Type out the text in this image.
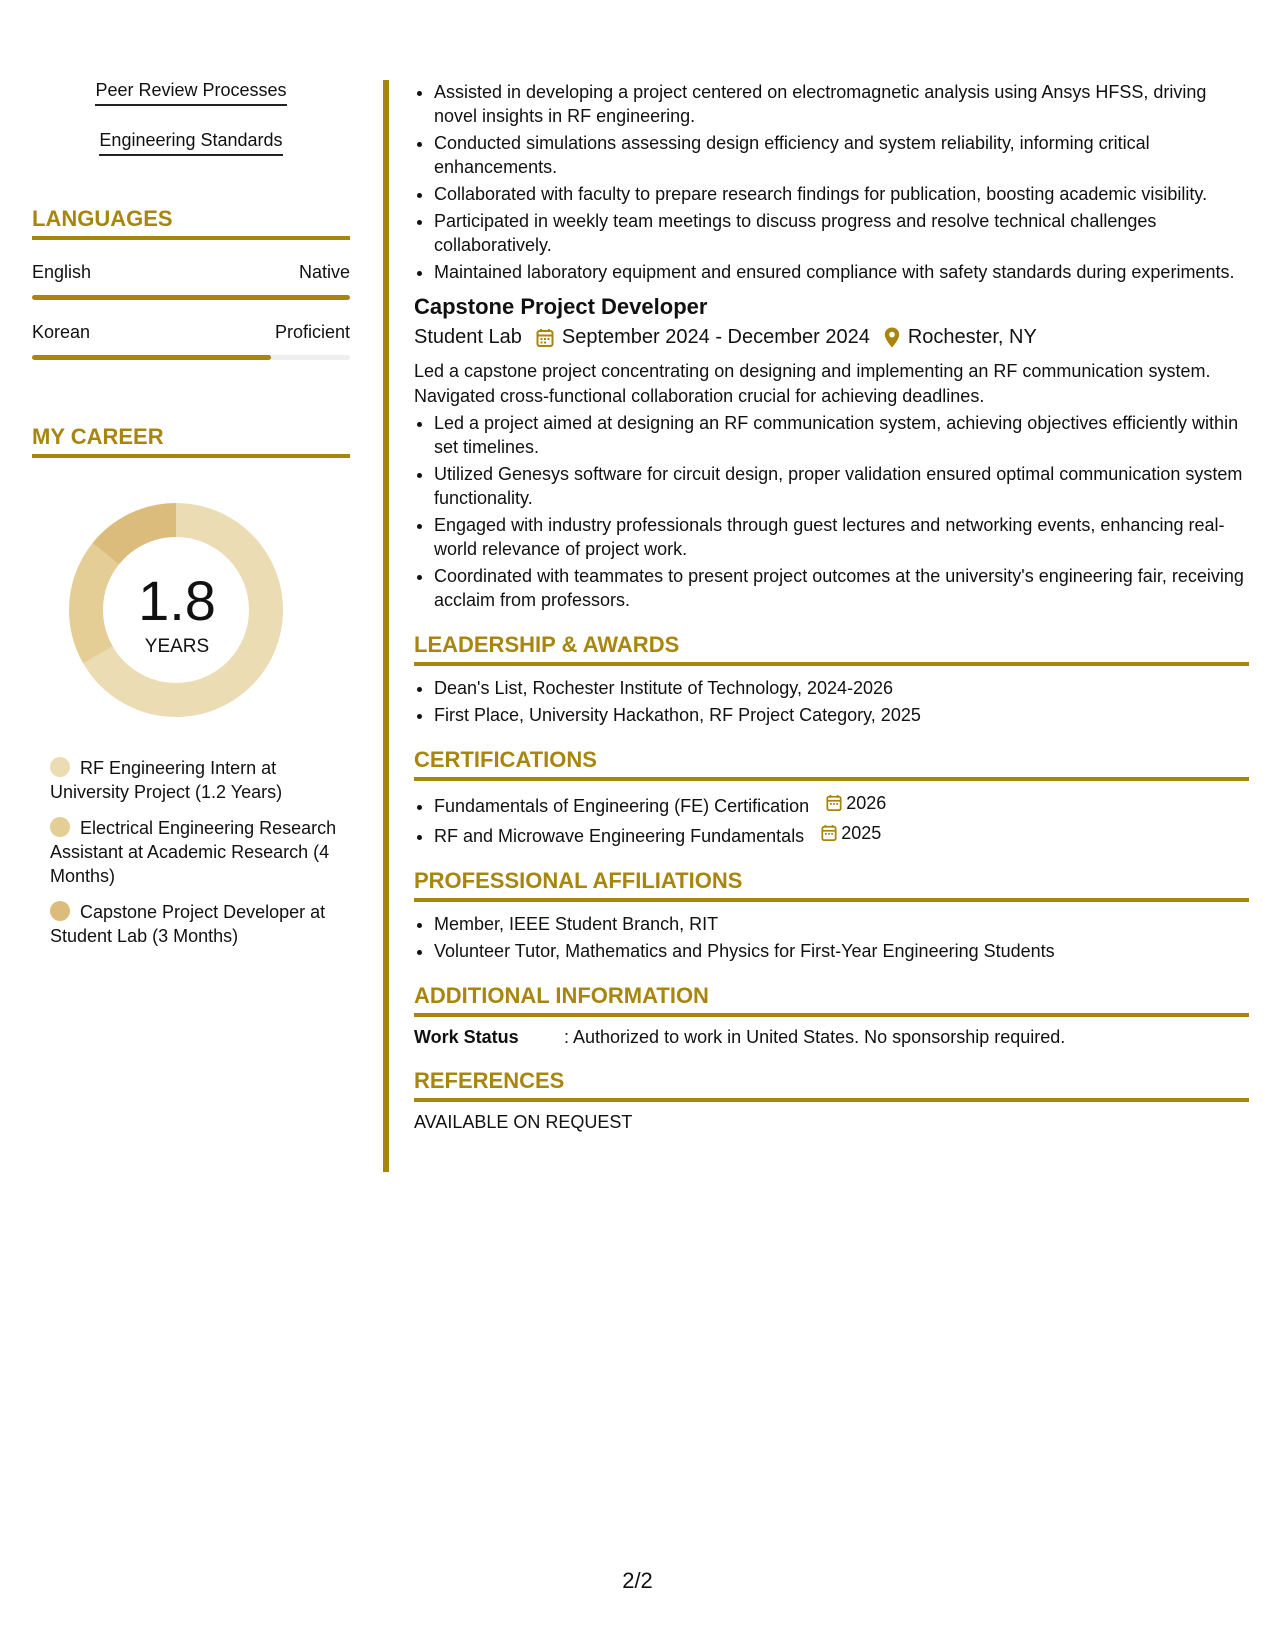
Peer Review Processes
Engineering Standards
LANGUAGES
English	Native
Korean	Proficient
MY CAREER
1.8
YEARS
RF Engineering Intern at University Project (1.2 Years)
Electrical Engineering Research Assistant at Academic Research (4 Months)
Capstone Project Developer at Student Lab (3 Months)
• Assisted in developing a project centered on electromagnetic analysis using Ansys HFSS, driving novel insights in RF engineering.
• Conducted simulations assessing design efficiency and system reliability, informing critical enhancements.
• Collaborated with faculty to prepare research findings for publication, boosting academic visibility.
• Participated in weekly team meetings to discuss progress and resolve technical challenges collaboratively.
• Maintained laboratory equipment and ensured compliance with safety standards during experiments.
Capstone Project Developer
Student Lab September 2024 - December 2024 Rochester, NY
Led a capstone project concentrating on designing and implementing an RF communication system. Navigated cross-functional collaboration crucial for achieving deadlines.
• Led a project aimed at designing an RF communication system, achieving objectives efficiently within set timelines.
• Utilized Genesys software for circuit design, proper validation ensured optimal communication system functionality.
• Engaged with industry professionals through guest lectures and networking events, enhancing real-world relevance of project work.
• Coordinated with teammates to present project outcomes at the university's engineering fair, receiving acclaim from professors.
LEADERSHIP & AWARDS
• Dean's List, Rochester Institute of Technology, 2024-2026
• First Place, University Hackathon, RF Project Category, 2025
CERTIFICATIONS
• Fundamentals of Engineering (FE) Certification 2026
• RF and Microwave Engineering Fundamentals 2025
PROFESSIONAL AFFILIATIONS
• Member, IEEE Student Branch, RIT
• Volunteer Tutor, Mathematics and Physics for First-Year Engineering Students
ADDITIONAL INFORMATION
Work Status	: Authorized to work in United States. No sponsorship required.
REFERENCES
AVAILABLE ON REQUEST
2/2
